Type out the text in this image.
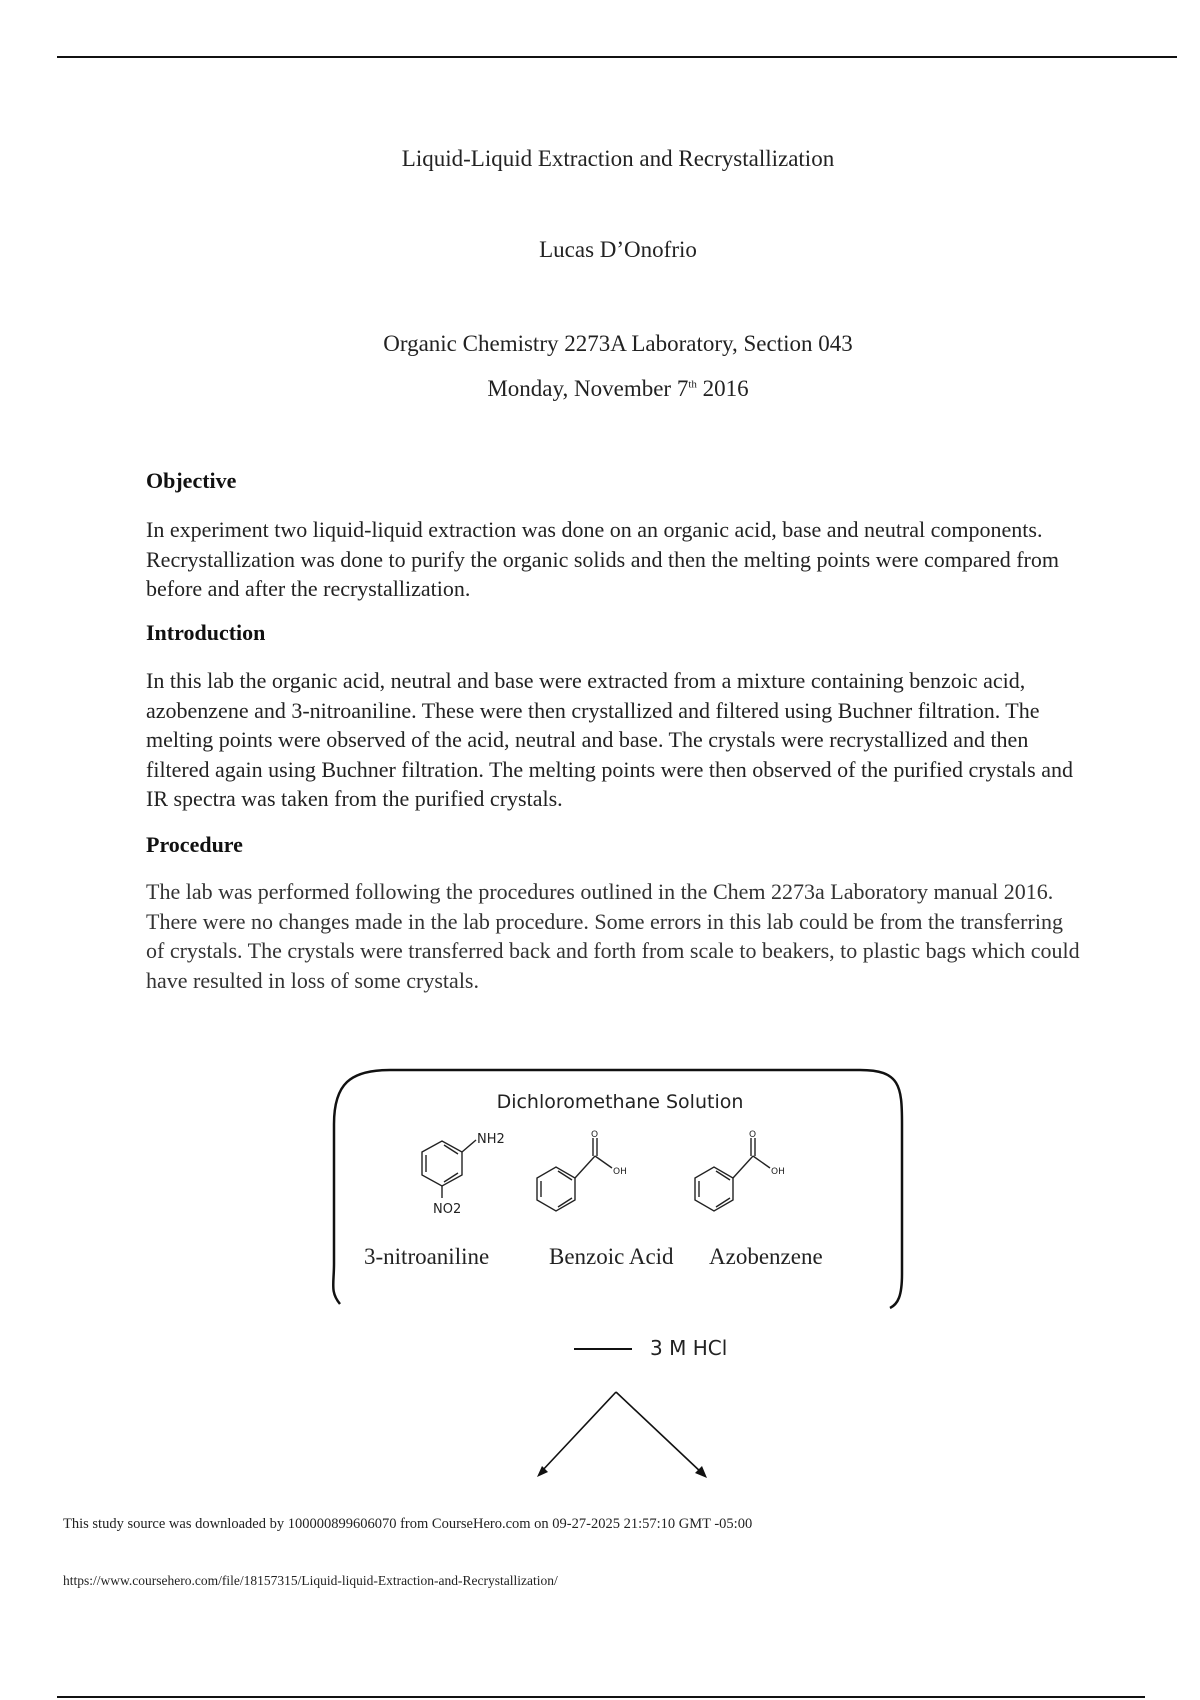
Liquid-Liquid Extraction and Recrystallization
Lucas D’Onofrio
Organic Chemistry 2273A Laboratory, Section 043
Monday, November 7th 2016
Objective
In experiment two liquid-liquid extraction was done on an organic acid, base and neutral components. Recrystallization was done to purify the organic solids and then the melting points were compared from before and after the recrystallization.
Introduction
In this lab the organic acid, neutral and base were extracted from a mixture containing benzoic acid, azobenzene and 3-nitroaniline. These were then crystallized and filtered using Buchner filtration. The melting points were observed of the acid, neutral and base. The crystals were recrystallized and then filtered again using Buchner filtration. The melting points were then observed of the purified crystals and IR spectra was taken from the purified crystals.
Procedure
The lab was performed following the procedures outlined in the Chem 2273a Laboratory manual 2016. There were no changes made in the lab procedure. Some errors in this lab could be from the transferring of crystals. The crystals were transferred back and forth from scale to beakers, to plastic bags which could have resulted in loss of some crystals.
NH2
NO2
O
OH
O
OH
Dichloromethane Solution
3-nitroaniline	Benzoic Acid Azobenzene
3 M HCl
This study source was downloaded by 100000899606070 from CourseHero.com on 09-27-2025 21:57:10 GMT -05:00
https://www.coursehero.com/file/18157315/Liquid-liquid-Extraction-and-Recrystallization/
